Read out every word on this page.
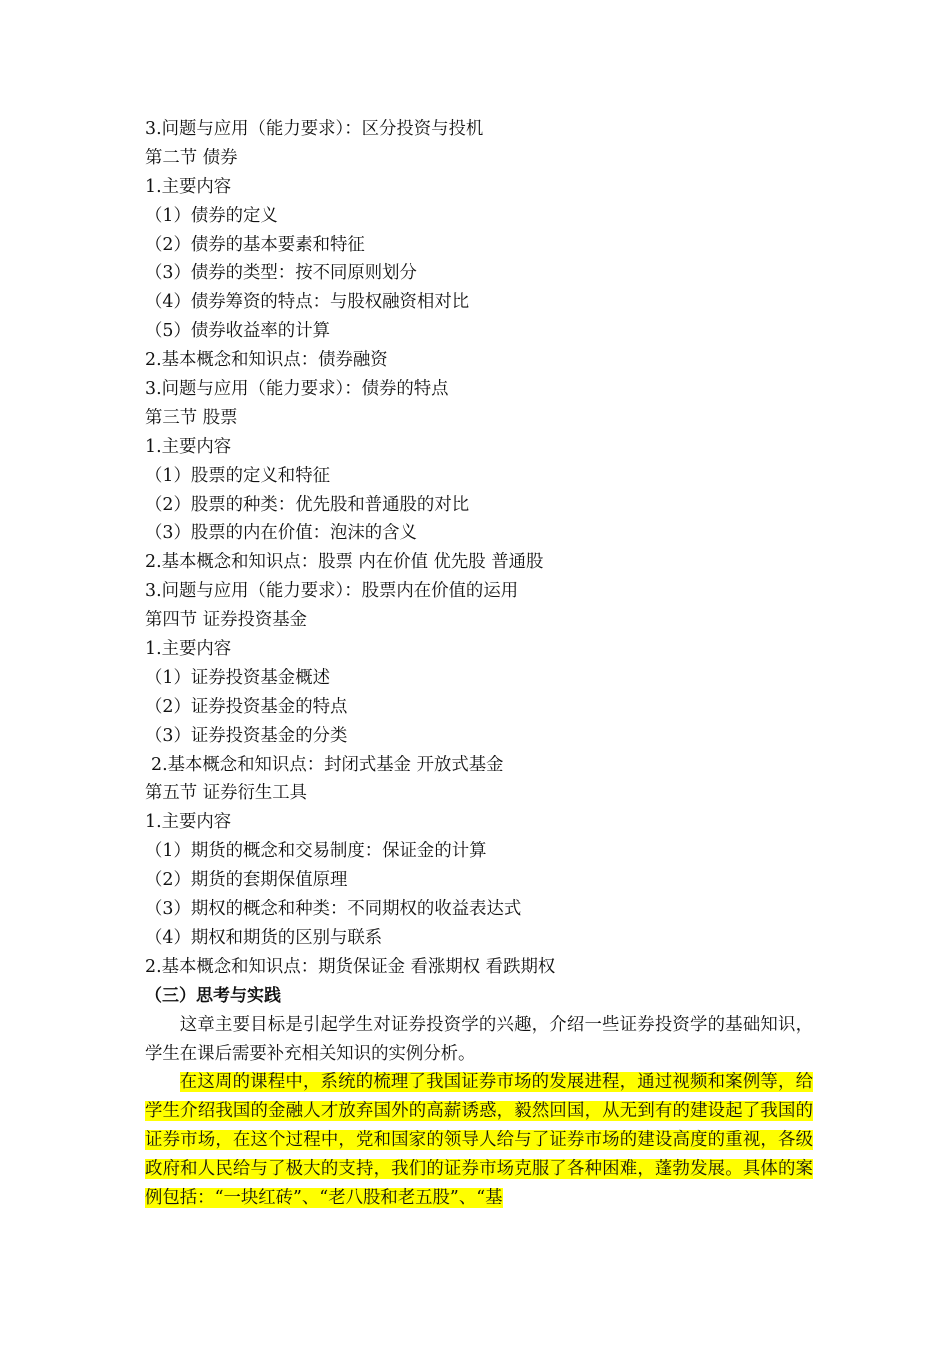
3.问题与应用（能力要求）：区分投资与投机
第二节 债券
1.主要内容
（1）债券的定义
（2）债券的基本要素和特征
（3）债券的类型：按不同原则划分
（4）债券筹资的特点：与股权融资相对比
（5）债券收益率的计算
2.基本概念和知识点：债券融资
3.问题与应用（能力要求）：债券的特点
第三节 股票
1.主要内容
（1）股票的定义和特征
（2）股票的种类：优先股和普通股的对比
（3）股票的内在价值：泡沫的含义
2.基本概念和知识点：股票 内在价值 优先股 普通股
3.问题与应用（能力要求）：股票内在价值的运用
第四节 证券投资基金
1.主要内容
（1）证券投资基金概述
（2）证券投资基金的特点
（3）证券投资基金的分类
2.基本概念和知识点：封闭式基金 开放式基金
第五节 证券衍生工具
1.主要内容
（1）期货的概念和交易制度：保证金的计算
（2）期货的套期保值原理
（3）期权的概念和种类：不同期权的收益表达式
（4）期权和期货的区别与联系
2.基本概念和知识点：期货保证金 看涨期权 看跌期权
（三）思考与实践

这章主要目标是引起学生对证券投资学的兴趣，介绍一些证券投资学的基础知识，学生在课后需要补充相关知识的实例分析。

在这周的课程中，系统的梳理了我国证券市场的发展进程，通过视频和案例等，给学生介绍我国的金融人才放弃国外的高薪诱惑，毅然回国，从无到有的建设起了我国的证券市场，在这个过程中，党和国家的领导人给与了证券市场的建设高度的重视，各级政府和人民给与了极大的支持，我们的证券市场克服了各种困难，蓬勃发展。具体的案例包括：“一块红砖”、“老八股和老五股”、“基
